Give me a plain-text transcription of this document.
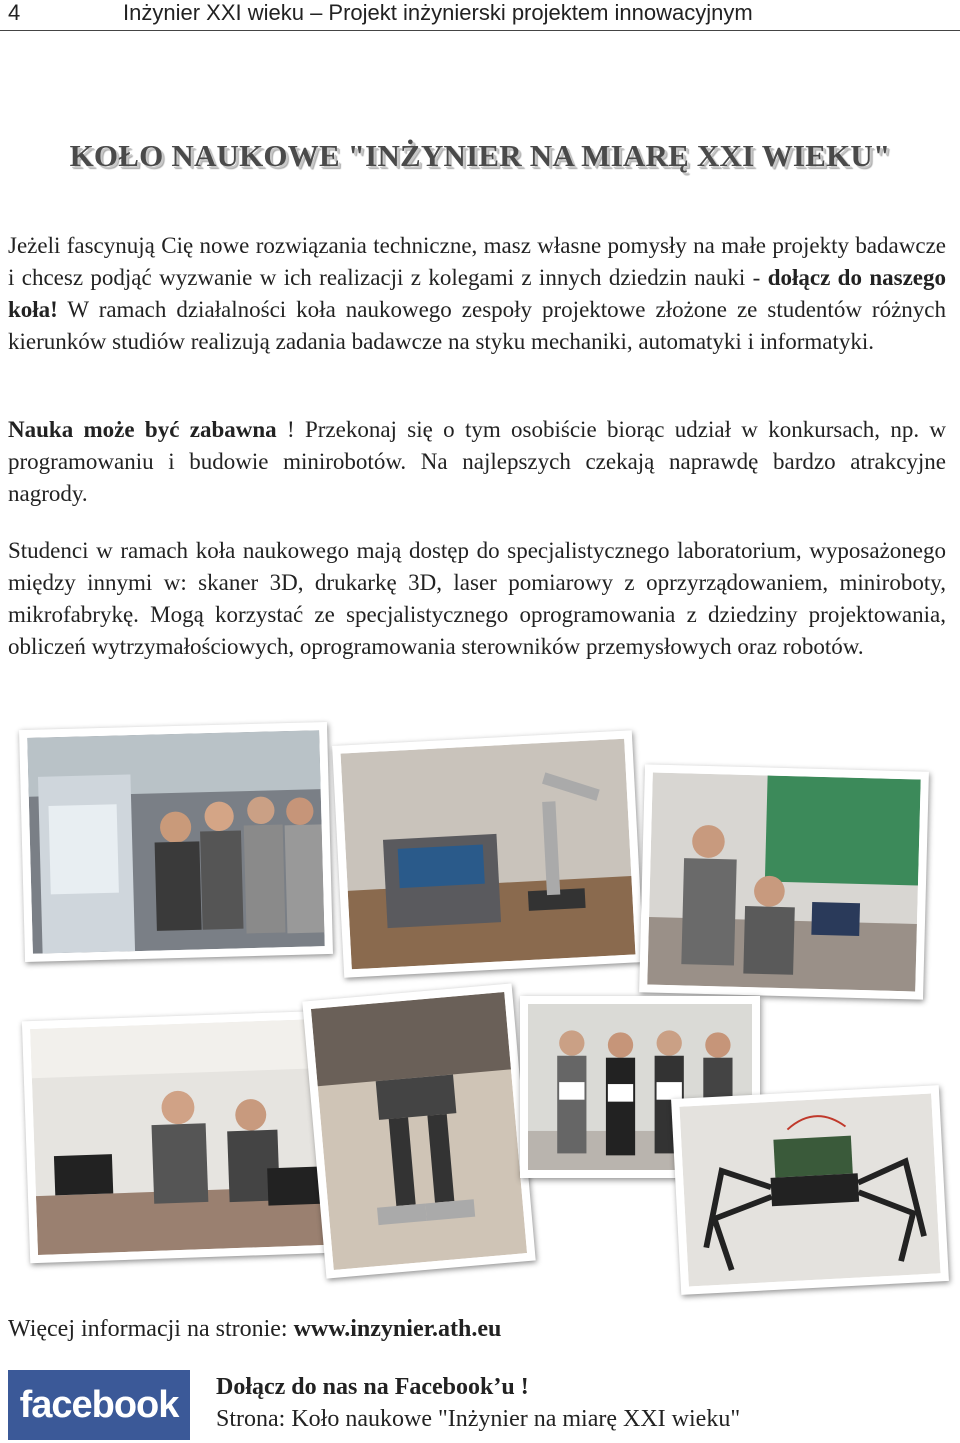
4	Inżynier XXI wieku – Projekt inżynierski projektem innowacyjnym
KOŁO NAUKOWE "INŻYNIER NA MIARĘ XXI WIEKU"

Jeżeli fascynują Cię nowe rozwiązania techniczne, masz własne pomysły na małe projekty badawcze i chcesz podjąć wyzwanie w ich realizacji z kolegami z innych dziedzin nauki - dołącz do naszego koła! W ramach działalności koła naukowego zespoły projektowe złożone ze studentów różnych kierunków studiów realizują zadania badawcze na styku mechaniki, automatyki i informatyki.

Nauka może być zabawna ! Przekonaj się o tym osobiście biorąc udział w konkursach, np. w programowaniu i budowie minirobotów. Na najlepszych czekają naprawdę bardzo atrakcyjne nagrody.

Studenci w ramach koła naukowego mają dostęp do specjalistycznego laboratorium, wyposażonego między innymi w: skaner 3D, drukarkę 3D, laser pomiarowy z oprzyrządowaniem, miniroboty, mikrofabrykę. Mogą korzystać ze specjalistycznego oprogramowania z dziedziny projektowania, obliczeń wytrzymałościowych, oprogramowania sterowników przemysłowych oraz robotów.

Więcej informacji na stronie: www.inzynier.ath.eu
facebook	Dołącz do nas na Facebook’u !
Strona: Koło naukowe "Inżynier na miarę XXI wieku"
